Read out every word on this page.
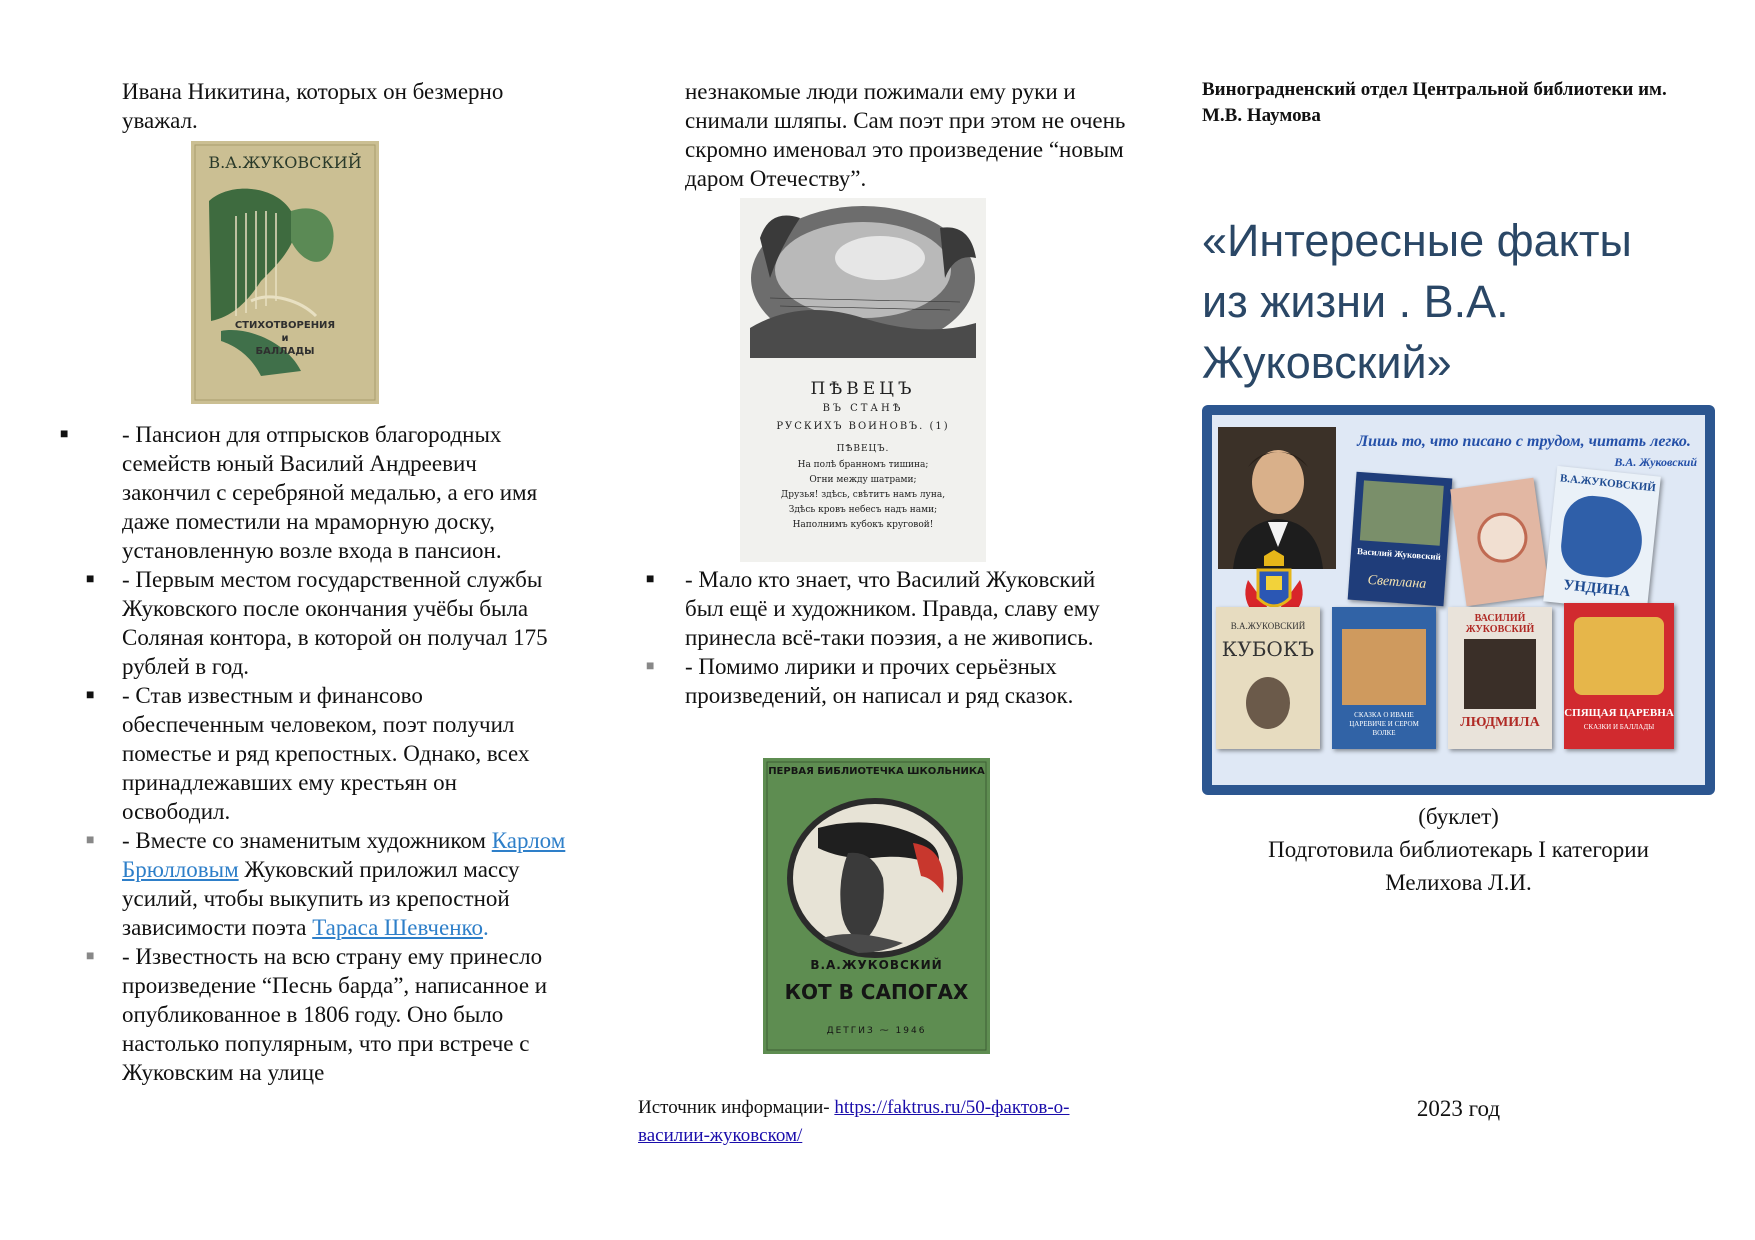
Ивана Никитина, которых он безмерно уважал.
В.А.ЖУКОВСКИЙ
СТИХОТВОРЕНИЯ
и
БАЛЛАДЫ
■ - Пансион для отпрысков благородных семейств юный Василий Андреевич закончил с серебряной медалью, а его имя даже поместили на мраморную доску, установленную возле входа в пансион.
■ - Первым местом государственной службы Жуковского после окончания учёбы была Соляная контора, в которой он получал 175 рублей в год.
■ - Став известным и финансово обеспеченным человеком, поэт получил поместье и ряд крепостных. Однако, всех принадлежавших ему крестьян он освободил.
■ - Вместе со знаменитым художником Карлом Брюлловым Жуковский приложил массу усилий, чтобы выкупить из крепостной зависимости поэта Тараса Шевченко.
■ - Известность на всю страну ему принесло произведение “Песнь барда”, написанное и опубликованное в 1806 году. Оно было настолько популярным, что при встрече с Жуковским на улице
незнакомые люди пожимали ему руки и снимали шляпы. Сам поэт при этом не очень скромно именовал это произведение “новым даром Отечеству”.
ПѢВЕЦЪ
ВЪ СТАНѢ
РУСКИХЪ ВОИНОВЪ. (1)
ПѢВЕЦЪ.
На полѣ бранномъ тишина;
Огни между шатрами;
Друзья! здѣсь, свѣтитъ намъ луна,
Здѣсь кровъ небесъ надъ нами;
Наполнимъ кубокъ круговой!
■ - Мало кто знает, что Василий Жуковский был ещё и художником. Правда, славу ему принесла всё-таки поэзия, а не живопись.
■ - Помимо лирики и прочих серьёзных произведений, он написал и ряд сказок.
ПЕРВАЯ БИБЛИОТЕЧКА ШКОЛЬНИКА
В.А.ЖУКОВСКИЙ
КОТ В САПОГАХ
ДЕТГИЗ ⁓ 1946
Источник информации- https://faktrus.ru/50-фактов-о-василии-жуковском/
Виноградненский отдел Центральной библиотеки им. М.В. Наумова
«Интересные факты из жизни . В.А. Жуковский»
Лишь то, что писано с трудом, читать легко.
В.А. Жуковский
Василий Жуковский
Светлана
В.А.ЖУКОВСКИЙ
УНДИНА
В.А.ЖУКОВСКИЙ
КУБОКЪ
СКАЗКА О ИВАНЕ ЦАРЕВИЧЕ И СЕРОМ ВОЛКЕ
ВАСИЛИЙ ЖУКОВСКИЙ
ЛЮДМИЛА
СПЯЩАЯ ЦАРЕВНА
СКАЗКИ И БАЛЛАДЫ
(буклет)
Подготовила библиотекарь I категории
Мелихова Л.И.
2023 год
